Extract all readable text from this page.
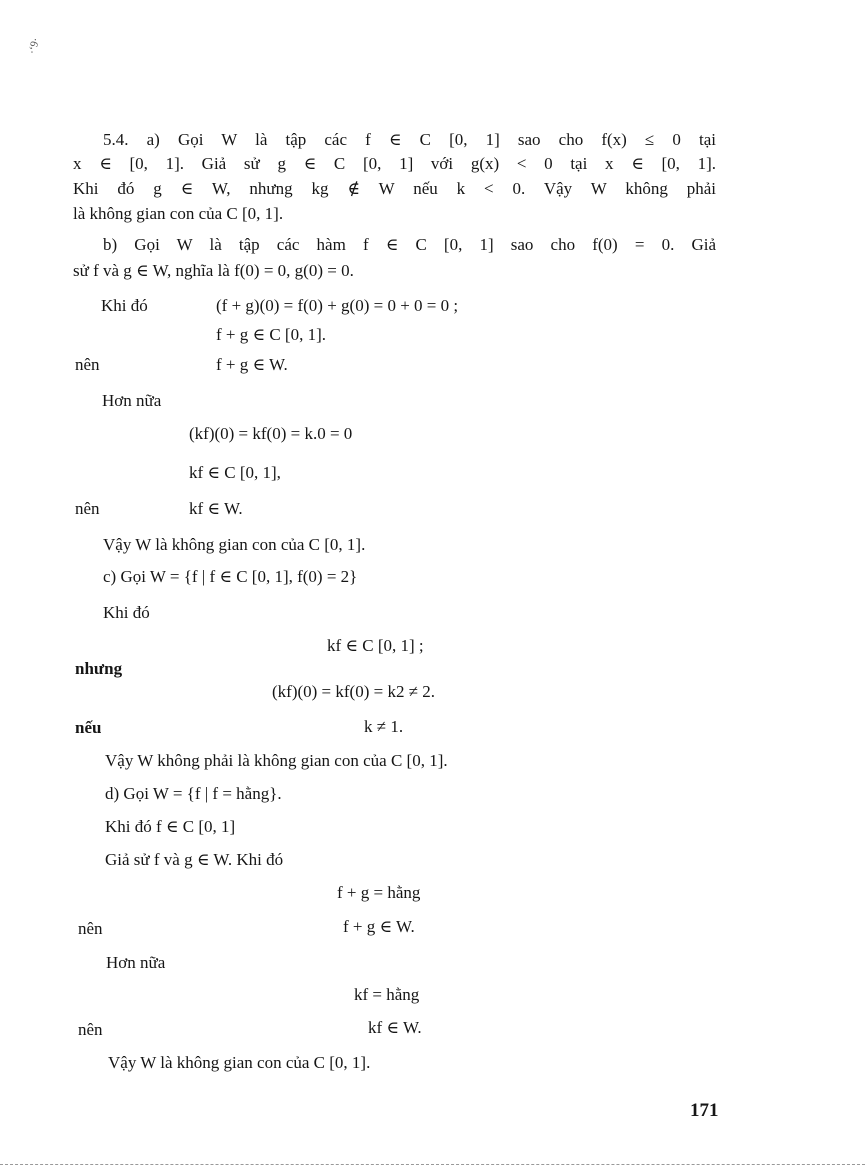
·ʻ9·
5.4. a) Gọi W là tập các f ∈ C [0, 1] sao cho f(x) ≤ 0 tại
x ∈ [0, 1]. Giả sử g ∈ C [0, 1] với g(x) < 0 tại x ∈ [0, 1].
Khi đó g ∈ W, nhưng kg ∉ W nếu k < 0. Vậy W không phải
là không gian con của C [0, 1].
b) Gọi W là tập các hàm f ∈ C [0, 1] sao cho f(0) = 0. Giả
sử f và g ∈ W, nghĩa là f(0) = 0, g(0) = 0.
Khi đó	(f + g)(0) = f(0) + g(0) = 0 + 0 = 0 ;
f + g ∈ C [0, 1].
nên	f + g ∈ W.
Hơn nữa
(kf)(0) = kf(0) = k.0 = 0
kf ∈ C [0, 1],
nên	kf ∈ W.
Vậy W là không gian con của C [0, 1].
c) Gọi W = {f | f ∈ C [0, 1], f(0) = 2}
Khi đó
kf ∈ C [0, 1] ;
nhưng
(kf)(0) = kf(0) = k2 ≠ 2.
nếu	k ≠ 1.
Vậy W không phải là không gian con của C [0, 1].
d) Gọi W = {f | f = hằng}.
Khi đó f ∈ C [0, 1]
Giả sử f và g ∈ W. Khi đó
f + g = hằng
nên	f + g ∈ W.
Hơn nữa
kf = hằng
nên	kf ∈ W.
Vậy W là không gian con của C [0, 1].
171
